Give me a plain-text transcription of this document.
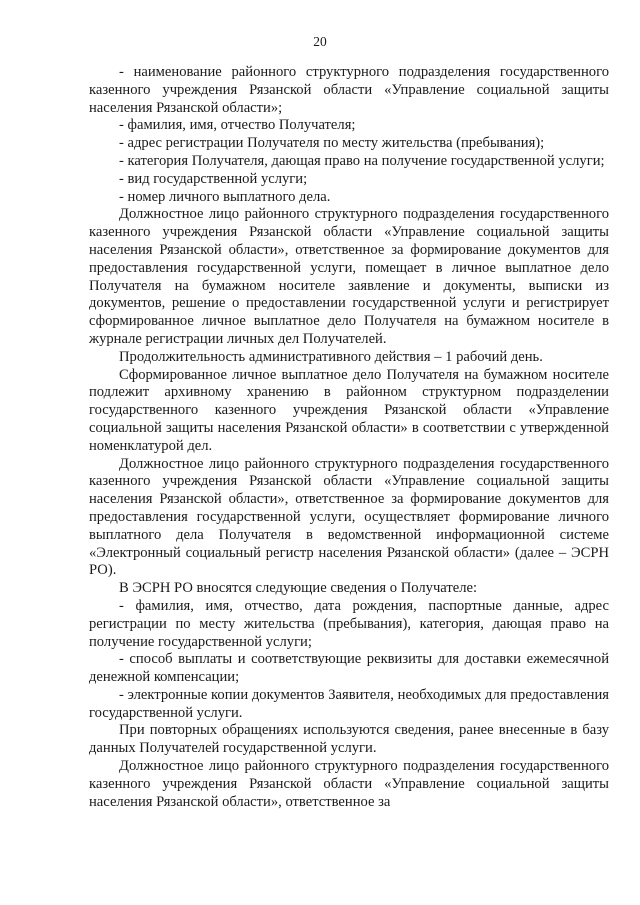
20

- наименование районного структурного подразделения государственного казенного учреждения Рязанской области «Управление социальной защиты населения Рязанской области»;

- фамилия, имя, отчество Получателя;

- адрес регистрации Получателя по месту жительства (пребывания);

- категория Получателя, дающая право на получение государственной услуги;

- вид государственной услуги;

- номер личного выплатного дела.

Должностное лицо районного структурного подразделения государственного казенного учреждения Рязанской области «Управление социальной защиты населения Рязанской области», ответственное за формирование документов для предоставления государственной услуги, помещает в личное выплатное дело Получателя на бумажном носителе заявление и документы, выписки из документов, решение о предоставлении государственной услуги и регистрирует сформированное личное выплатное дело Получателя на бумажном носителе в журнале регистрации личных дел Получателей.

Продолжительность административного действия – 1 рабочий день.

Сформированное личное выплатное дело Получателя на бумажном носителе подлежит архивному хранению в районном структурном подразделении государственного казенного учреждения Рязанской области «Управление социальной защиты населения Рязанской области» в соответствии с утвержденной номенклатурой дел.

Должностное лицо районного структурного подразделения государственного казенного учреждения Рязанской области «Управление социальной защиты населения Рязанской области», ответственное за формирование документов для предоставления государственной услуги, осуществляет формирование личного выплатного дела Получателя в ведомственной информационной системе «Электронный социальный регистр населения Рязанской области» (далее – ЭСРН РО).

В ЭСРН РО вносятся следующие сведения о Получателе:

- фамилия, имя, отчество, дата рождения, паспортные данные, адрес регистрации по месту жительства (пребывания), категория, дающая право на получение государственной услуги;

- способ выплаты и соответствующие реквизиты для доставки ежемесячной денежной компенсации;

- электронные копии документов Заявителя, необходимых для предоставления государственной услуги.

При повторных обращениях используются сведения, ранее внесенные в базу данных Получателей государственной услуги.

Должностное лицо районного структурного подразделения государственного казенного учреждения Рязанской области «Управление социальной защиты населения Рязанской области», ответственное за
